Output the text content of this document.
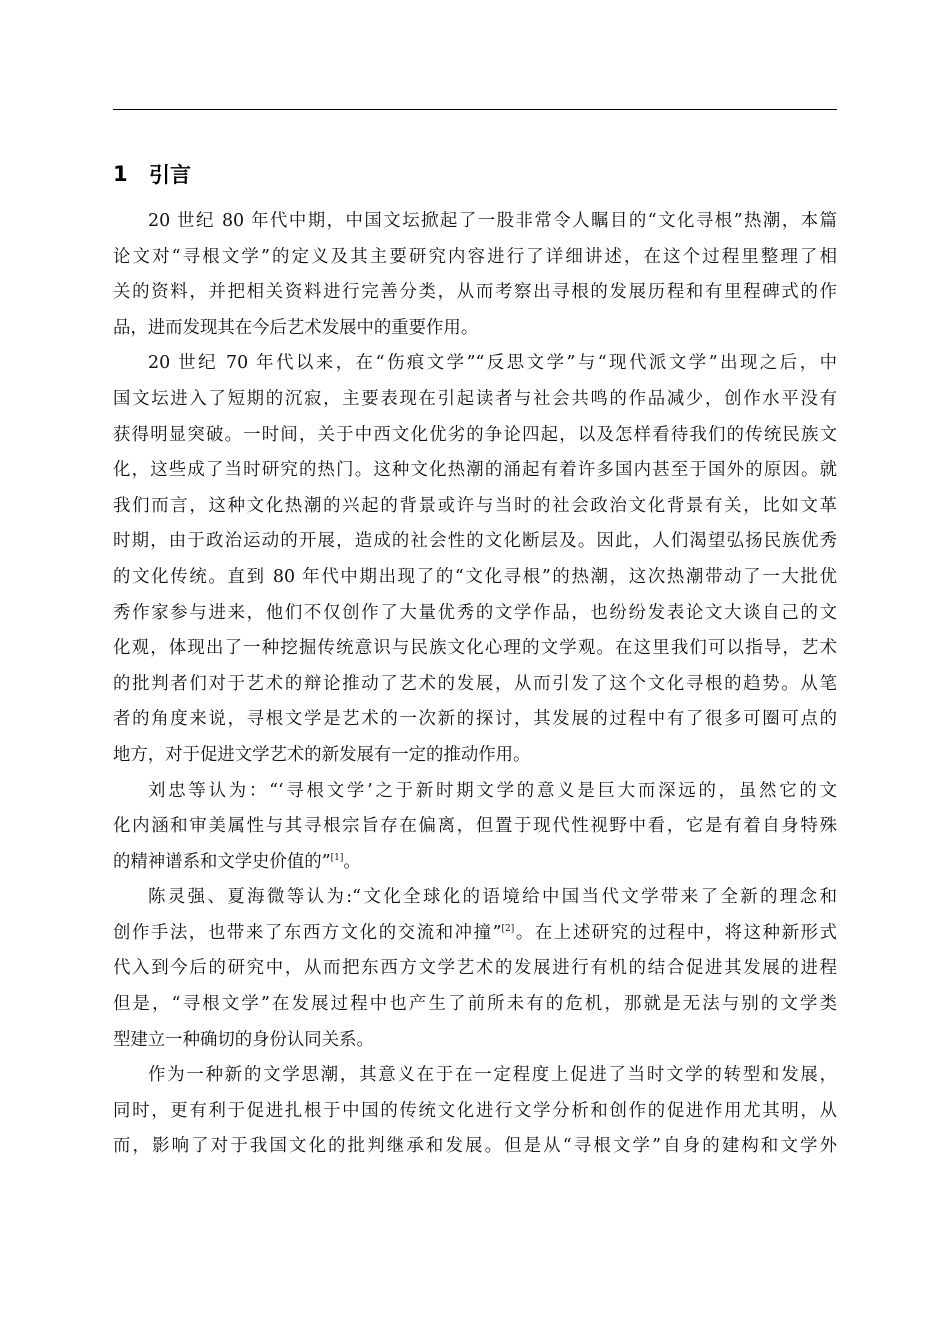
1	引言
20 世纪 80 年代中期，中国文坛掀起了一股非常令人瞩目的“文化寻根”热潮，本篇
论文对“寻根文学”的定义及其主要研究内容进行了详细讲述，在这个过程里整理了相
关的资料，并把相关资料进行完善分类，从而考察出寻根的发展历程和有里程碑式的作
品，进而发现其在今后艺术发展中的重要作用。
20 世纪 70 年代以来，在“伤痕文学”“反思文学”与“现代派文学”出现之后，中
国文坛进入了短期的沉寂，主要表现在引起读者与社会共鸣的作品减少，创作水平没有
获得明显突破。一时间，关于中西文化优劣的争论四起，以及怎样看待我们的传统民族文
化，这些成了当时研究的热门。这种文化热潮的涌起有着许多国内甚至于国外的原因。就
我们而言，这种文化热潮的兴起的背景或许与当时的社会政治文化背景有关，比如文革
时期，由于政治运动的开展，造成的社会性的文化断层及。因此，人们渴望弘扬民族优秀
的文化传统。直到 80 年代中期出现了的“文化寻根”的热潮，这次热潮带动了一大批优
秀作家参与进来，他们不仅创作了大量优秀的文学作品，也纷纷发表论文大谈自己的文
化观，体现出了一种挖掘传统意识与民族文化心理的文学观。在这里我们可以指导，艺术
的批判者们对于艺术的辩论推动了艺术的发展，从而引发了这个文化寻根的趋势。从笔
者的角度来说，寻根文学是艺术的一次新的探讨，其发展的过程中有了很多可圈可点的
地方，对于促进文学艺术的新发展有一定的推动作用。
刘忠等认为：“‘寻根文学’之于新时期文学的意义是巨大而深远的，虽然它的文
化内涵和审美属性与其寻根宗旨存在偏离，但置于现代性视野中看，它是有着自身特殊
的精神谱系和文学史价值的”[1]。
陈灵强、夏海微等认为:“文化全球化的语境给中国当代文学带来了全新的理念和
创作手法，也带来了东西方文化的交流和冲撞”[2]。在上述研究的过程中，将这种新形式
代入到今后的研究中，从而把东西方文学艺术的发展进行有机的结合促进其发展的进程
但是，“寻根文学”在发展过程中也产生了前所未有的危机，那就是无法与别的文学类
型建立一种确切的身份认同关系。
作为一种新的文学思潮，其意义在于在一定程度上促进了当时文学的转型和发展，
同时，更有利于促进扎根于中国的传统文化进行文学分析和创作的促进作用尤其明，从
而，影响了对于我国文化的批判继承和发展。但是从“寻根文学”自身的建构和文学外
